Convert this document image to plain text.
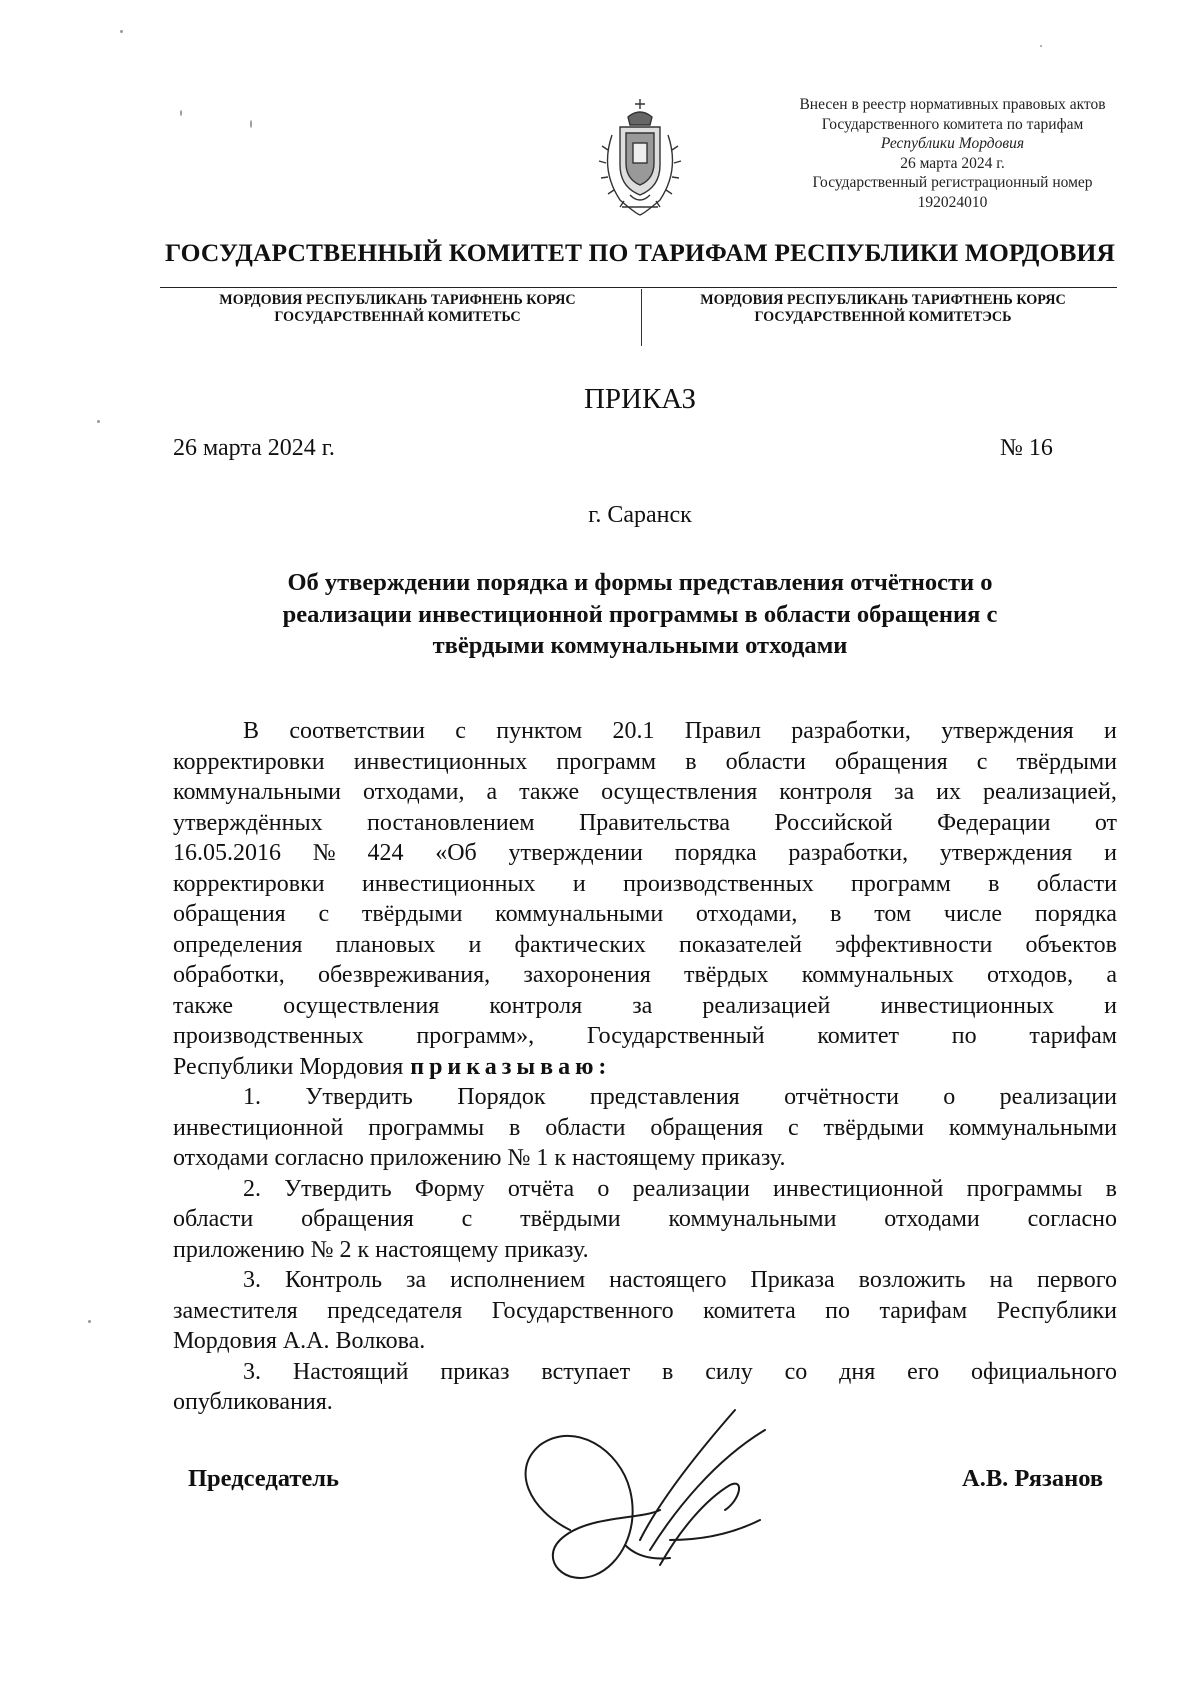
Внесен в реестр нормативных правовых актов
Государственного комитета по тарифам
Республики Мордовия
26 марта 2024 г.
Государственный регистрационный номер
192024010
ГОСУДАРСТВЕННЫЙ КОМИТЕТ ПО ТАРИФАМ РЕСПУБЛИКИ МОРДОВИЯ
МОРДОВИЯ РЕСПУБЛИКАНЬ ТАРИФНЕНЬ КОРЯС
ГОСУДАРСТВЕННАЙ КОМИТЕТЬС
МОРДОВИЯ РЕСПУБЛИКАНЬ ТАРИФТНЕНЬ КОРЯС
ГОСУДАРСТВЕННОЙ КОМИТЕТЭСЬ
ПРИКАЗ
26 марта 2024 г.	№ 16
г. Саранск
Об утверждении порядка и формы представления отчётности о
реализации инвестиционной программы в области обращения с
твёрдыми коммунальными отходами
В соответствии с пунктом 20.1 Правил разработки, утверждения и
корректировки инвестиционных программ в области обращения с твёрдыми
коммунальными отходами, а также осуществления контроля за их реализацией,
утверждённых постановлением Правительства Российской Федерации от
16.05.2016 № 424 «Об утверждении порядка разработки, утверждения и
корректировки инвестиционных и производственных программ в области
обращения с твёрдыми коммунальными отходами, в том числе порядка
определения плановых и фактических показателей эффективности объектов
обработки, обезвреживания, захоронения твёрдых коммунальных отходов, а
также осуществления контроля за реализацией инвестиционных и
производственных программ», Государственный комитет по тарифам
Республики Мордовия приказываю:
1. Утвердить Порядок представления отчётности о реализации
инвестиционной программы в области обращения с твёрдыми коммунальными
отходами согласно приложению № 1 к настоящему приказу.
2. Утвердить Форму отчёта о реализации инвестиционной программы в
области обращения с твёрдыми коммунальными отходами согласно
приложению № 2 к настоящему приказу.
3. Контроль за исполнением настоящего Приказа возложить на первого
заместителя председателя Государственного комитета по тарифам Республики
Мордовия А.А. Волкова.
3. Настоящий приказ вступает в силу со дня его официального
опубликования.
Председатель	А.В. Рязанов
